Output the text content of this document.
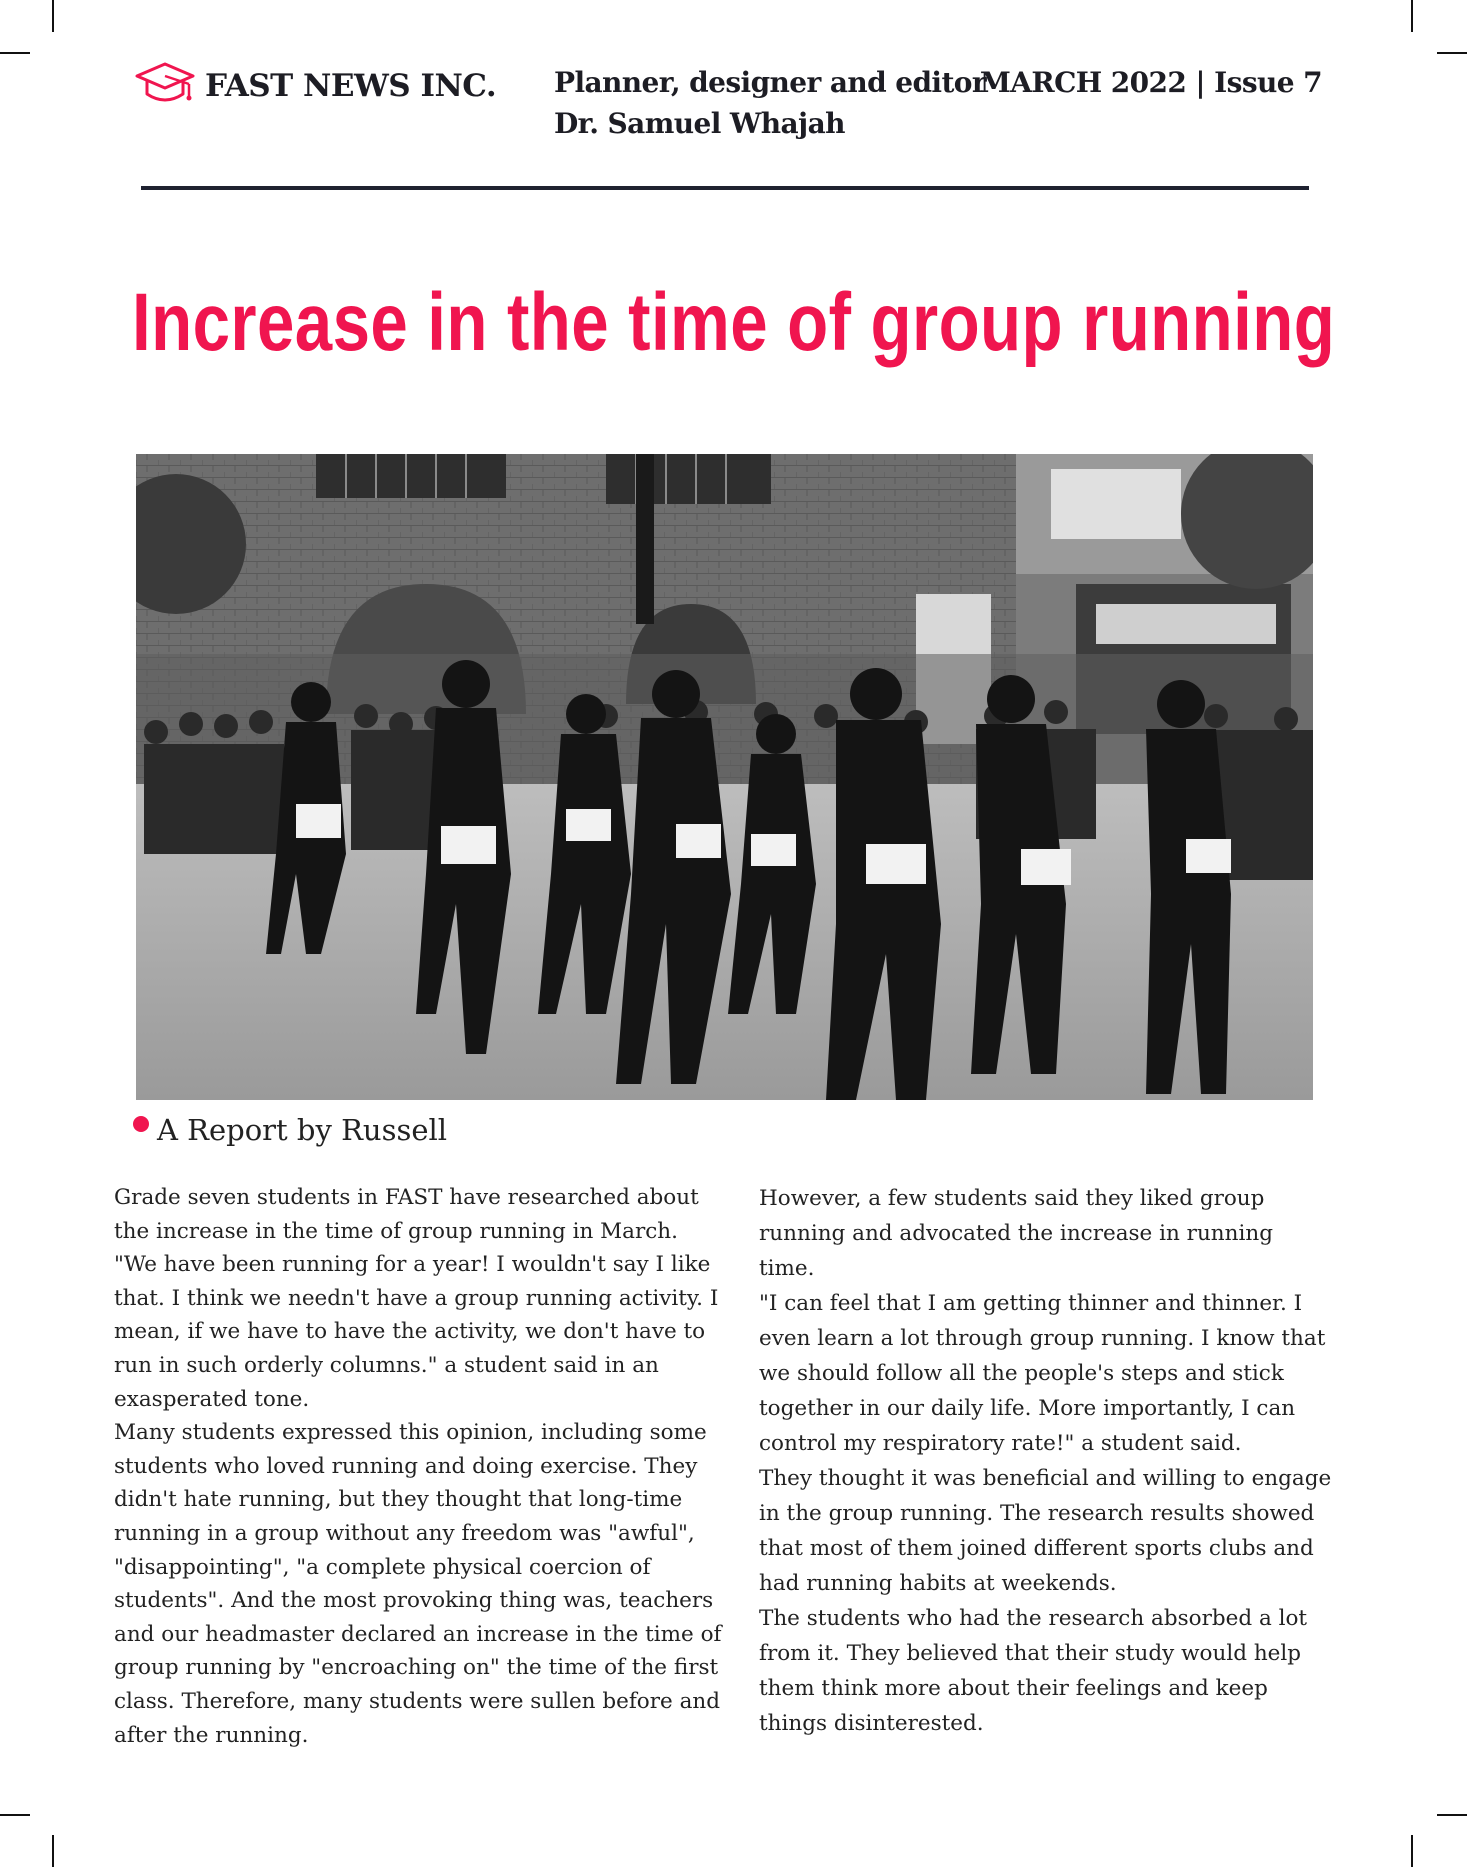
FAST NEWS INC. Planner, designer and editor
Dr. Samuel Whajah
MARCH 2022 | Issue 7
Increase in the time of group running
A Report by Russell

Grade seven students in FAST have researched about

the increase in the time of group running in March.

"We have been running for a year! I wouldn't say I like

that. I think we needn't have a group running activity. I

mean, if we have to have the activity, we don't have to

run in such orderly columns." a student said in an

exasperated tone.

Many students expressed this opinion, including some

students who loved running and doing exercise. They

didn't hate running, but they thought that long-time

running in a group without any freedom was "awful",

"disappointing", "a complete physical coercion of

students". And the most provoking thing was, teachers

and our headmaster declared an increase in the time of

group running by "encroaching on" the time of the first

class. Therefore, many students were sullen before and

after the running.

However, a few students said they liked group

running and advocated the increase in running

time.

"I can feel that I am getting thinner and thinner. I

even learn a lot through group running. I know that

we should follow all the people's steps and stick

together in our daily life. More importantly, I can

control my respiratory rate!" a student said.

They thought it was beneficial and willing to engage

in the group running. The research results showed

that most of them joined different sports clubs and

had running habits at weekends.

The students who had the research absorbed a lot

from it. They believed that their study would help

them think more about their feelings and keep

things disinterested.
